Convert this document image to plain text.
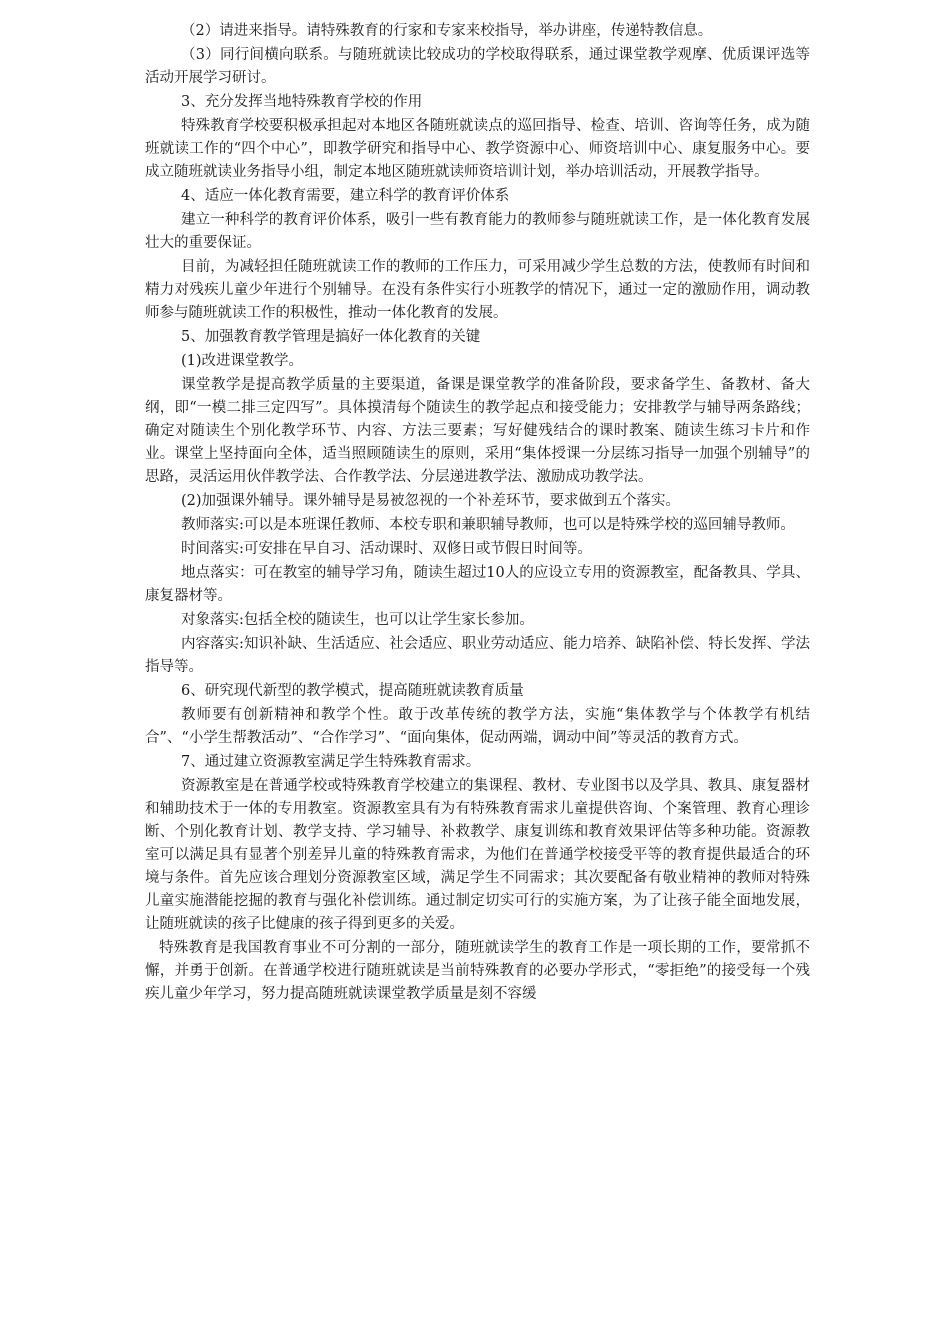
（2）请进来指导。请特殊教育的行家和专家来校指导，举办讲座，传递特教信息。

（3）同行间横向联系。与随班就读比较成功的学校取得联系，通过课堂教学观摩、优质课评选等活动开展学习研讨。

3、充分发挥当地特殊教育学校的作用

特殊教育学校要积极承担起对本地区各随班就读点的巡回指导、检查、培训、咨询等任务，成为随班就读工作的“四个中心”，即教学研究和指导中心、教学资源中心、师资培训中心、康复服务中心。要成立随班就读业务指导小组，制定本地区随班就读师资培训计划，举办培训活动，开展教学指导。

4、适应一体化教育需要，建立科学的教育评价体系

建立一种科学的教育评价体系，吸引一些有教育能力的教师参与随班就读工作，是一体化教育发展壮大的重要保证。

目前，为减轻担任随班就读工作的教师的工作压力，可采用减少学生总数的方法，使教师有时间和精力对残疾儿童少年进行个别辅导。在没有条件实行小班教学的情况下，通过一定的激励作用，调动教师参与随班就读工作的积极性，推动一体化教育的发展。

5、加强教育教学管理是搞好一体化教育的关键

(1)改进课堂教学。

课堂教学是提高教学质量的主要渠道，备课是课堂教学的准备阶段，要求备学生、备教材、备大纲，即“一模二排三定四写”。具体摸清每个随读生的教学起点和接受能力；安排教学与辅导两条路线；确定对随读生个别化教学环节、内容、方法三要素；写好健残结合的课时教案、随读生练习卡片和作业。课堂上坚持面向全体，适当照顾随读生的原则，采用“集体授课一分层练习指导一加强个别辅导”的思路，灵活运用伙伴教学法、合作教学法、分层递进教学法、激励成功教学法。

(2)加强课外辅导。课外辅导是易被忽视的一个补差环节，要求做到五个落实。

教师落实:可以是本班课任教师、本校专职和兼职辅导教师，也可以是特殊学校的巡回辅导教师。

时间落实:可安排在早自习、活动课时、双修日或节假日时间等。

地点落实：可在教室的辅导学习角，随读生超过10人的应设立专用的资源教室，配备教具、学具、康复器材等。

对象落实:包括全校的随读生，也可以让学生家长参加。

内容落实:知识补缺、生活适应、社会适应、职业劳动适应、能力培养、缺陷补偿、特长发挥、学法指导等。

6、研究现代新型的教学模式，提高随班就读教育质量

教师要有创新精神和教学个性。敢于改革传统的教学方法，实施“集体教学与个体教学有机结合”、“小学生帮教活动”、“合作学习”、“面向集体，促动两端，调动中间”等灵活的教育方式。

7、通过建立资源教室满足学生特殊教育需求。

资源教室是在普通学校或特殊教育学校建立的集课程、教材、专业图书以及学具、教具、康复器材和辅助技术于一体的专用教室。资源教室具有为有特殊教育需求儿童提供咨询、个案管理、教育心理诊断、个别化教育计划、教学支持、学习辅导、补救教学、康复训练和教育效果评估等多种功能。资源教室可以满足具有显著个别差异儿童的特殊教育需求，为他们在普通学校接受平等的教育提供最适合的环境与条件。首先应该合理划分资源教室区域，满足学生不同需求；其次要配备有敬业精神的教师对特殊儿童实施潜能挖掘的教育与强化补偿训练。通过制定切实可行的实施方案，为了让孩子能全面地发展，让随班就读的孩子比健康的孩子得到更多的关爱。

特殊教育是我国教育事业不可分割的一部分，随班就读学生的教育工作是一项长期的工作，要常抓不懈，并勇于创新。在普通学校进行随班就读是当前特殊教育的必要办学形式，“零拒绝”的接受每一个残疾儿童少年学习，努力提高随班就读课堂教学质量是刻不容缓
